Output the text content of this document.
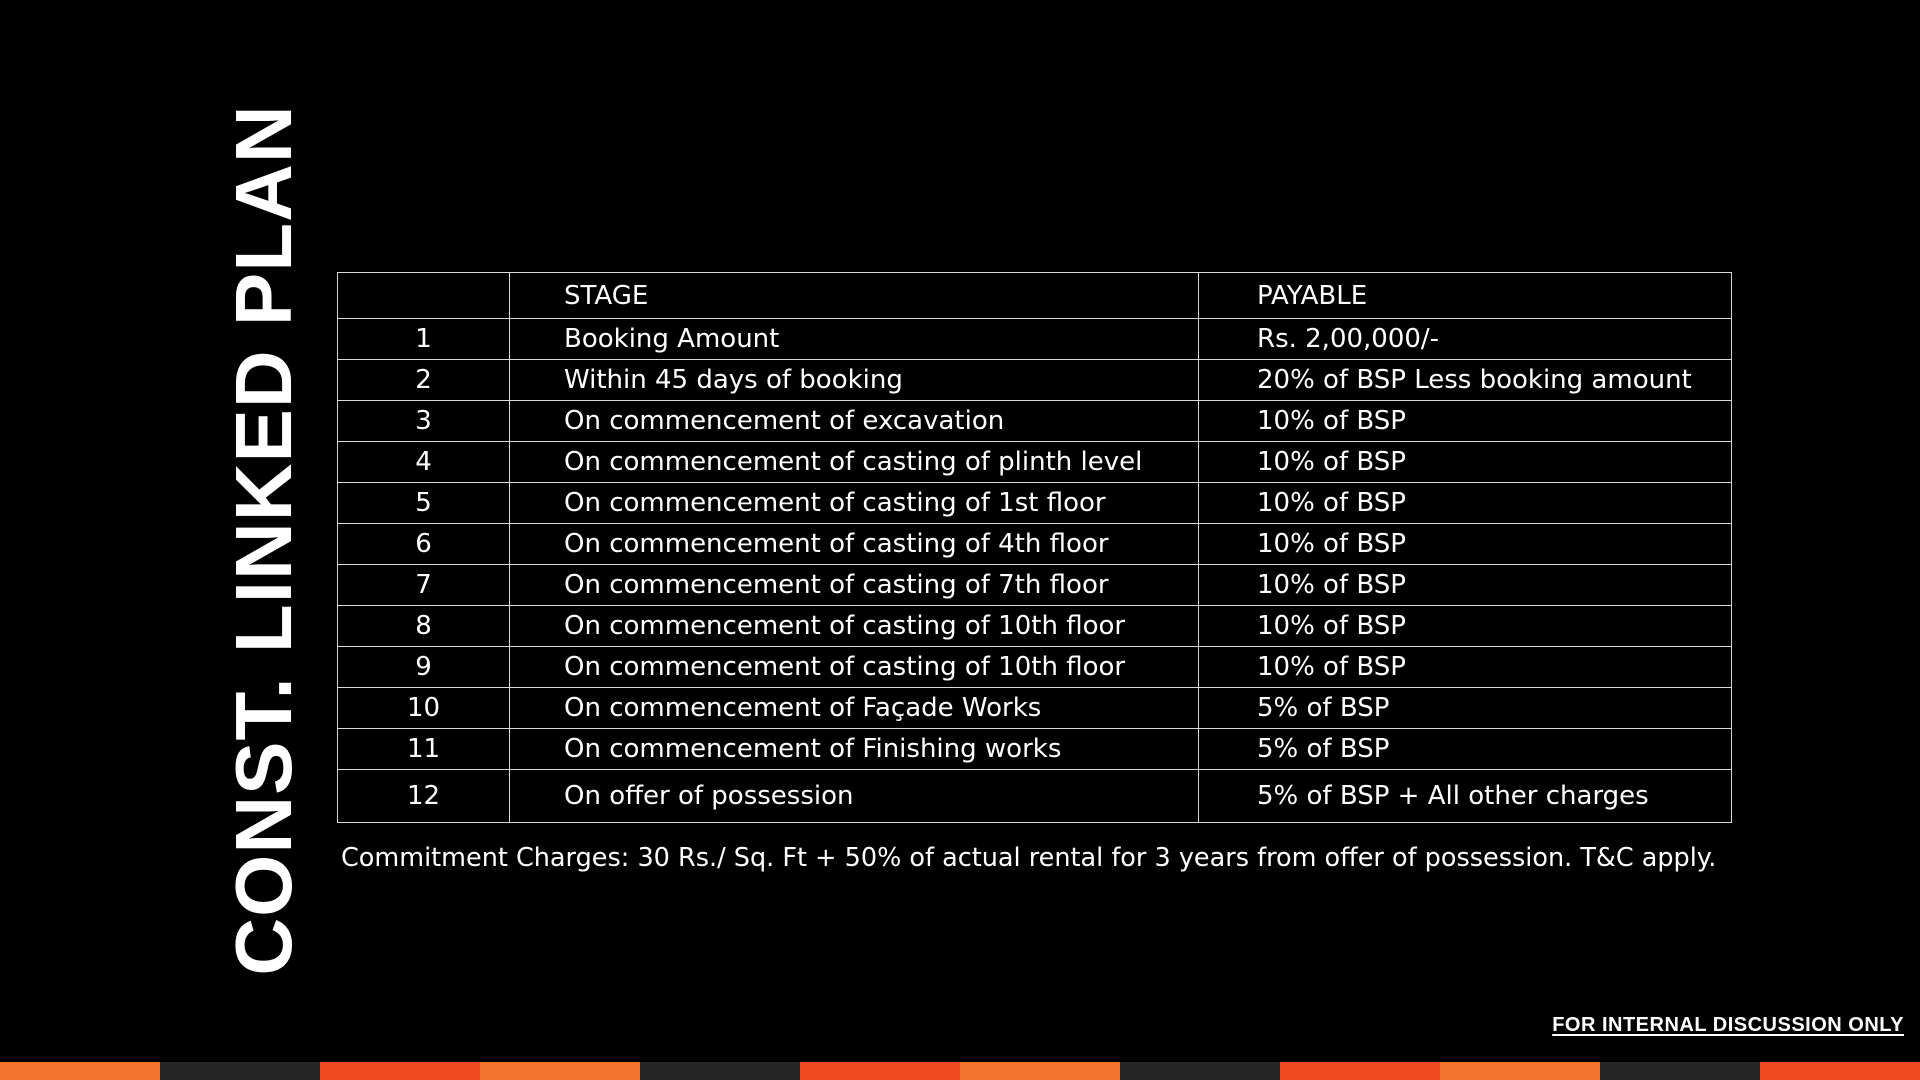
CONST. LINKED PLAN
		STAGE	PAYABLE
1	Booking Amount	Rs. 2,00,000/-
2	Within 45 days of booking	20% of BSP Less booking amount
3	On commencement of excavation	10% of BSP
4	On commencement of casting of plinth level	10% of BSP
5	On commencement of casting of 1st floor	10% of BSP
6	On commencement of casting of 4th floor	10% of BSP
7	On commencement of casting of 7th floor	10% of BSP
8	On commencement of casting of 10th floor	10% of BSP
9	On commencement of casting of 10th floor	10% of BSP
10	On commencement of Façade Works	5% of BSP
11	On commencement of Finishing works	5% of BSP
12	On offer of possession	5% of BSP + All other charges
Commitment Charges: 30 Rs./ Sq. Ft + 50% of actual rental for 3 years from offer of possession. T&C apply.
FOR INTERNAL DISCUSSION ONLY
